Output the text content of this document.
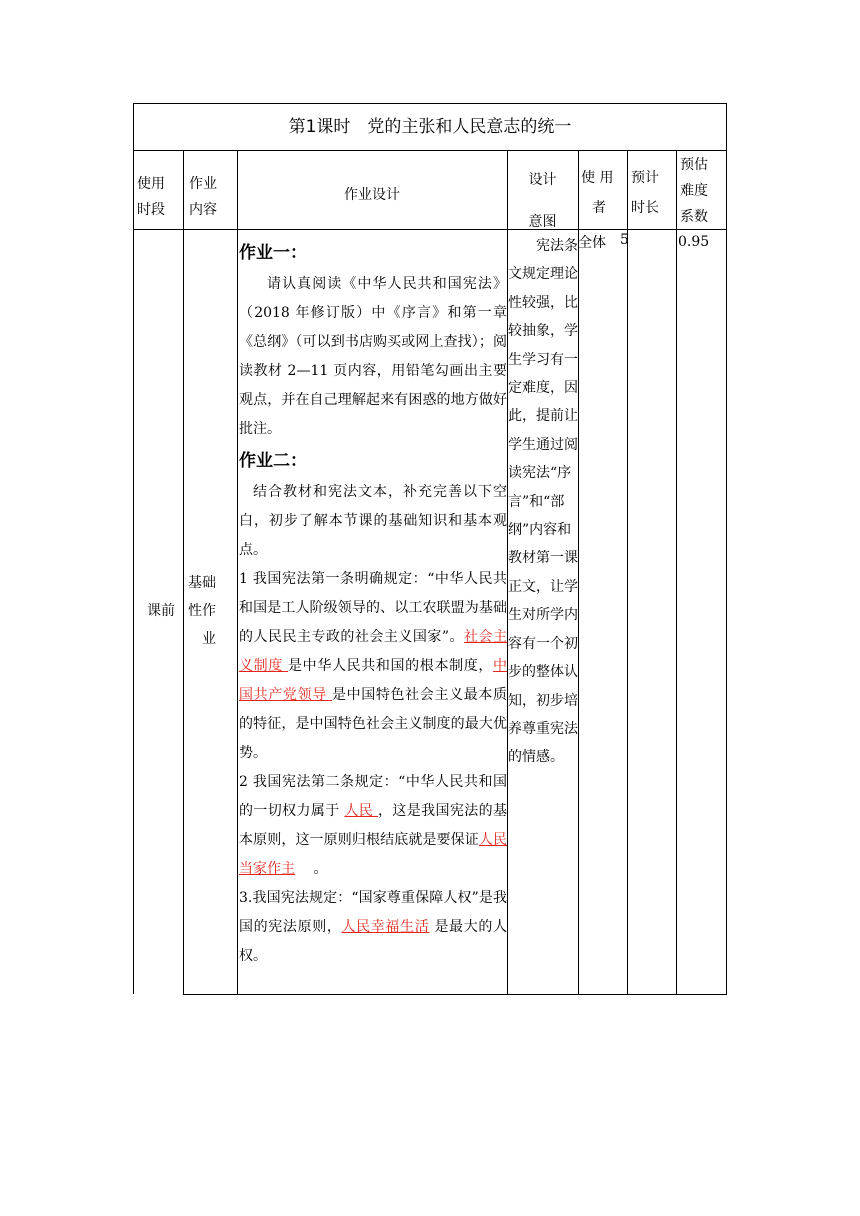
第1课时　党的主张和人民意志的统一
使用
时段
作业
内容
作业设计
设计
意图
使 用
者
预计
时长
预估
难度
系数
课前
基础
性作
业
全体 5	0.95
　　宪法条文规定理论性较强，比较抽象，学生学习有一定难度，因此，提前让学生通过阅读宪法“序言”和“部纲”内容和教材第一课正文，让学生对所学内容有一个初步的整体认知，初步培养尊重宪法的情感。
作业一：

请认真阅读《中华人民共和国宪法》（2018 年修订版）中《序言》和第一章《总纲》（可以到书店购买或网上查找）；阅读教材 2—11 页内容，用铅笔勾画出主要观点，并在自己理解起来有困惑的地方做好批注。

作业二：

结合教材和宪法文本，补充完善以下空白，初步了解本节课的基础知识和基本观点。

1 我国宪法第一条明确规定：“中华人民共和国是工人阶级领导的、以工农联盟为基础的人民民主专政的社会主义国家”。社会主义制度 是中华人民共和国的根本制度，中国共产党领导 是中国特色社会主义最本质的特征，是中国特色社会主义制度的最大优势。

2 我国宪法第二条规定：“中华人民共和国的一切权力属于 人民 ，这是我国宪法的基本原则，这一原则归根结底就是要保证人民当家作主　 。

3.我国宪法规定：“国家尊重保障人权”是我国的宪法原则，人民幸福生活 是最大的人权。
